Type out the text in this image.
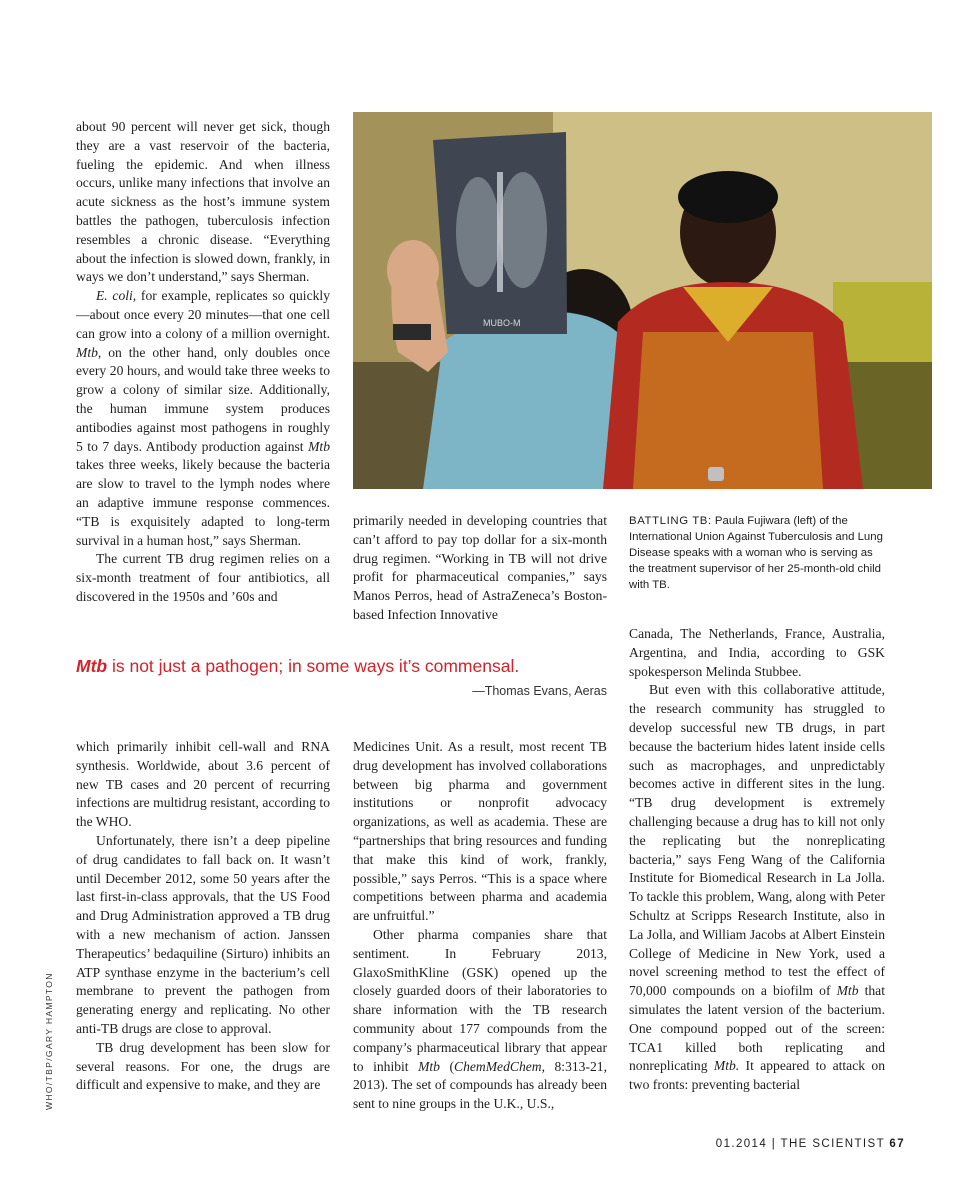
about 90 percent will never get sick, though they are a vast reservoir of the bacteria, fueling the epidemic. And when illness occurs, unlike many infections that involve an acute sickness as the host’s immune system battles the pathogen, tuberculosis infection resembles a chronic disease. “Everything about the infection is slowed down, frankly, in ways we don’t understand,” says Sherman.

E. coli, for example, replicates so quickly—about once every 20 minutes—that one cell can grow into a colony of a million overnight. Mtb, on the other hand, only doubles once every 20 hours, and would take three weeks to grow a colony of similar size. Additionally, the human immune system produces antibodies against most pathogens in roughly 5 to 7 days. Antibody production against Mtb takes three weeks, likely because the bacteria are slow to travel to the lymph nodes where an adaptive immune response commences. “TB is exquisitely adapted to long-term survival in a human host,” says Sherman.

The current TB drug regimen relies on a six-month treatment of four antibiotics, all discovered in the 1950s and ’60s and

MUBO-M

BATTLING TB: Paula Fujiwara (left) of the International Union Against Tuberculosis and Lung Disease speaks with a woman who is serving as the treatment supervisor of her 25-month-old child with TB.

primarily needed in developing countries that can’t afford to pay top dollar for a six-month drug regimen. “Working in TB will not drive profit for pharmaceutical companies,” says Manos Perros, head of AstraZeneca’s Boston-based Infection Innovative

Mtb is not just a pathogen; in some ways it’s commensal.

—Thomas Evans, Aeras

Canada, The Netherlands, France, Australia, Argentina, and India, according to GSK spokesperson Melinda Stubbee.

But even with this collaborative attitude, the research community has struggled to develop successful new TB drugs, in part because the bacterium hides latent inside cells such as macrophages, and unpredictably becomes active in different sites in the lung. “TB drug development is extremely challenging because a drug has to kill not only the replicating but the nonreplicating bacteria,” says Feng Wang of the California Institute for Biomedical Research in La Jolla. To tackle this problem, Wang, along with Peter Schultz at Scripps Research Institute, also in La Jolla, and William Jacobs at Albert Einstein College of Medicine in New York, used a novel screening method to test the effect of 70,000 compounds on a biofilm of Mtb that simulates the latent version of the bacterium. One compound popped out of the screen: TCA1 killed both replicating and nonreplicating Mtb. It appeared to attack on two fronts: preventing bacterial

which primarily inhibit cell-wall and RNA synthesis. Worldwide, about 3.6 percent of new TB cases and 20 percent of recurring infections are multidrug resistant, according to the WHO.

Unfortunately, there isn’t a deep pipeline of drug candidates to fall back on. It wasn’t until December 2012, some 50 years after the last first-in-class approvals, that the US Food and Drug Administration approved a TB drug with a new mechanism of action. Janssen Therapeutics’ bedaquiline (Sirturo) inhibits an ATP synthase enzyme in the bacterium’s cell membrane to prevent the pathogen from generating energy and replicating. No other anti-TB drugs are close to approval.

TB drug development has been slow for several reasons. For one, the drugs are difficult and expensive to make, and they are

Medicines Unit. As a result, most recent TB drug development has involved collaborations between big pharma and government institutions or nonprofit advocacy organizations, as well as academia. These are “partnerships that bring resources and funding that make this kind of work, frankly, possible,” says Perros. “This is a space where competitions between pharma and academia are unfruitful.”

Other pharma companies share that sentiment. In February 2013, GlaxoSmithKline (GSK) opened up the closely guarded doors of their laboratories to share information with the TB research community about 177 compounds from the company’s pharmaceutical library that appear to inhibit Mtb (ChemMedChem, 8:313-21, 2013). The set of compounds has already been sent to nine groups in the U.K., U.S.,

WHO/TBP/GARY HAMPTON
01.2014 | THE SCIENTIST 67
